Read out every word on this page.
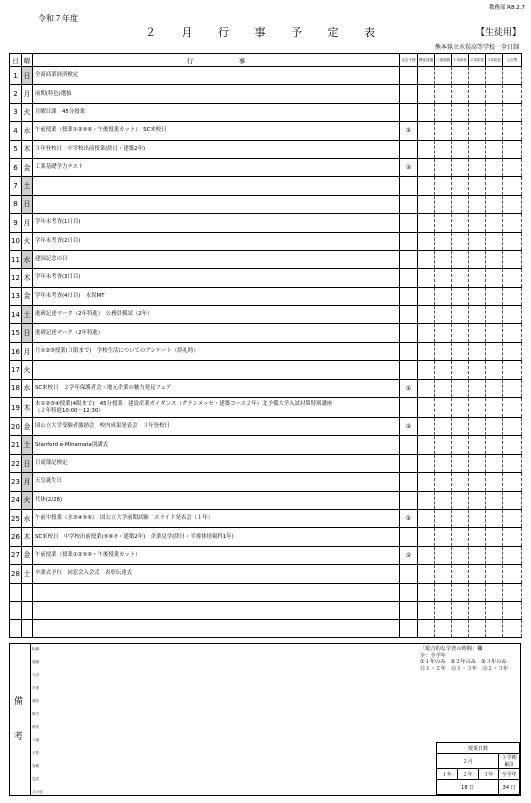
令和７年度
教務部 R8.2.7
２ 月 行 事 予 定 表	【生徒用】
熊本県立水俣高等学校　全日制
日	曜	行　　　　　　　事	完全下校	教室清掃	三者面談	１年担任	２年担任	３年担任	公欠等
1	日	全商商業経済検定							

2	月	前期(特色)選抜							

3	火	月曜日課　45分授業							

4	水	午前授業（授業①②⑤⑥・午後授業カット）　SC来校日	①						
5	木	３年登校日　中学校出前授業(終日・建築2年)							

6	金	工業基礎学力テスト	②						
7	土	

8	日	

9	月	学年末考査(1日目)							

10	火	学年末考査(2日目)							

11	水	建国記念の日							

12	木	学年末考査(3日目)							

13	金	学年末考査(4日目)　水俣MT							

14	土	進研記述マーク（2年特進）　公務員模試（2年）							

15	日	進研記述マーク（2年特進）							

16	月	月①②③授業(３限まで)　学校生活についてのアンケート（終礼時）							

17	火	

18	水	SC来校日　２学年保護者会・地元企業の魅力発見フェア	①						
19	木	木①②③④授業(4限まで)　45分授業　建設産業ガイダンス（グランメッセ・建築コース２年）北予備大学入試対策特別講座
（２年特進10:00～12:30）							

20	金	国公立大学受験者激励会　校内成果発表会　３年登校日	②						
21	土	Stanford e-Minamata別講式							

22	日	日商簿記検定							

23	月	天皇誕生日							

24	火	代休(2/28)							

25	水	午前中授業（水③④⑤⑥）　国公立大学前期試験　スライド発表会（１年）	①						
26	木	SC来校日　中学校出前授業(⑤⑥⑦・建築2年)　企業見学(終日・半導体情報科1年)							

27	金	午前授業（授業①②⑤⑥・午後授業カット）	②						
28	土	卒業式予行　同窓会入会式　表彰伝達式							

備
考
転職
退職
入試
卒業
進路
修学
教育
入場
予算
客観
見送
その他
「総合的な学習の時間」欄
全：全学年
①１年のみ　②２年のみ　③３年のみ
⑫１・２年　⑬１・３年　⑬２・３年
授業日数			
２月			３学期累計
１年	２年	３年	全学年
18 日			34 日
